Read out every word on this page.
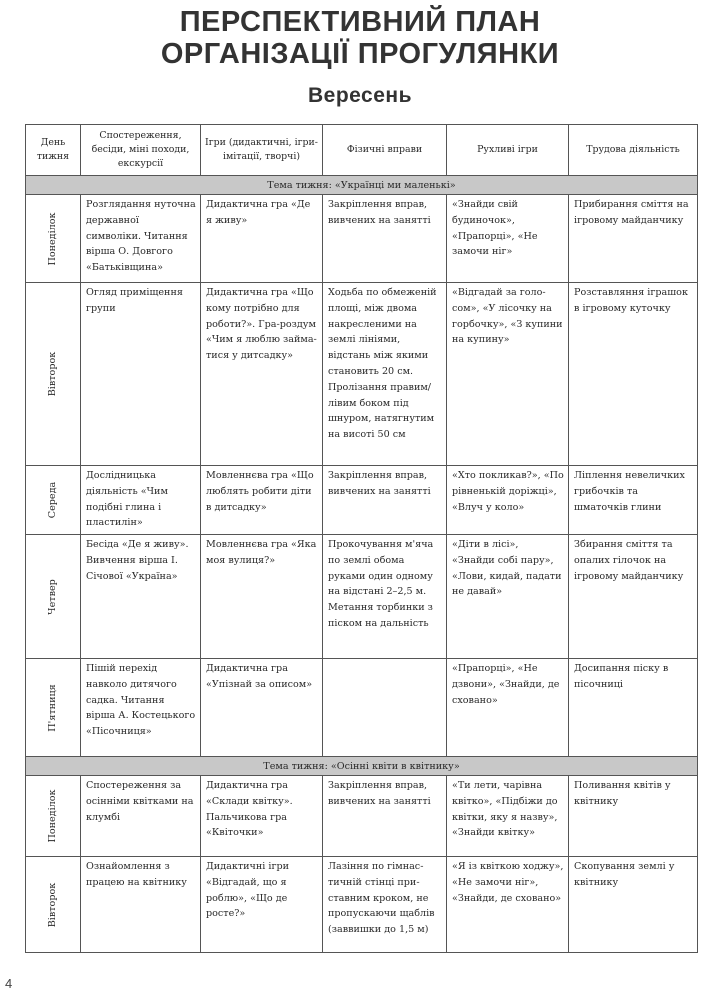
ПЕРСПЕКТИВНИЙ ПЛАН
ОРГАНІЗАЦІЇ ПРОГУЛЯНКИ
Вересень
День тижня	Спостереження, бесіди, міні походи, екскурсії	Ігри (дидактичні, ігри-імітації, творчі)	Фізичні вправи	Рухливі ігри	Трудова діяльність
Тема тижня: «Українці ми маленькі»					

Понеділок	Розглядання нуточна державної символіки. Читання вірша О. Довгого «Батьківщина»	Дидактична гра «Де я живу»	Закріплення вправ, вивчених на занятті	«Знайди свій будиночок», «Прапорці», «Не замочи ніг»	Прибирання сміття на ігровому майданчику

Вівторок	Огляд приміщення групи	Дидактична гра «Що кому потрібно для роботи?». Гра-роздум «Чим я люблю займатися у дитсадку»	Ходьба по обмеженій площі, між двома накресленими на землі лініями, відстань між якими становить 20 см. Пролізання правим/лівим боком під шнуром, натягнутим на висоті 50 см	«Відгадай за голосом», «У лісочку на горбочку», «З купини на купину»	Розставляння іграшок в ігровому куточку

Середа	Дослідницька діяльність «Чим подібні глина і пластилін»	Мовленнєва гра «Що люблять робити діти в дитсадку»	Закріплення вправ, вивчених на занятті	«Хто покликав?», «По рівненькій доріжці», «Влуч у коло»	Ліплення невеличких грибочків та шматочків глини

Четвер	Бесіда «Де я живу». Вивчення вірша І. Січової «Україна»	Мовленнєва гра «Яка моя вулиця?»	Прокочування м'яча по землі обома руками один одному на відстані 2–2,5 м. Метання торбинки з піском на дальність	«Діти в лісі», «Знайди собі пару», «Лови, кидай, падати не давай»	Збирання сміття та опалих гілочок на ігровому майданчику

П'ятниця	Пішій перехід навколо дитячого садка. Читання вірша А. Костецького «Пісочниця»	Дидактична гра «Упізнай за описом»		«Прапорці», «Не дзвони», «Знайди, де сховано»	Досипання піску в пісочниці
Тема тижня: «Осінні квіти в квітнику»					

Понеділок	Спостереження за осінніми квітками на клумбі	Дидактична гра «Склади квітку». Пальчикова гра «Квіточки»	Закріплення вправ, вивчених на занятті	«Ти лети, чарівна квітко», «Підбіжи до квітки, яку я назву», «Знайди квітку»	Поливання квітів у квітнику

Вівторок	Ознайомлення з працею на квітнику	Дидактичні ігри «Відгадай, що я роблю», «Що де росте?»	Лазіння по гімнастичній стінці приставним кроком, не пропускаючи щаблів (заввишки до 1,5 м)	«Я із квіткою ходжу», «Не замочи ніг», «Знайди, де сховано»	Скопування землі у квітнику
4
